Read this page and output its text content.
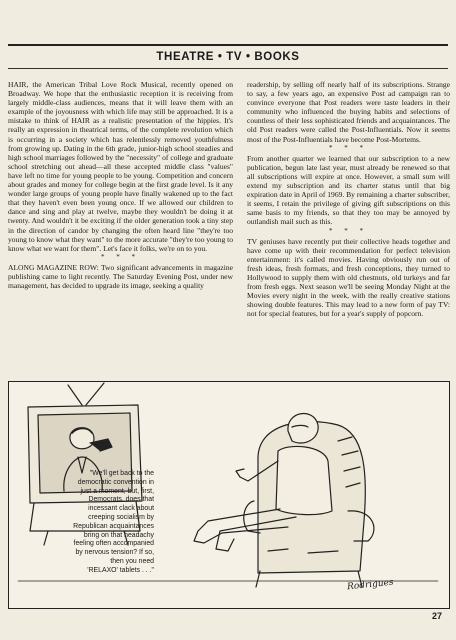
THEATRE • TV • BOOKS

HAIR, the American Tribal Love Rock Musical, recently opened on Broadway. We hope that the enthusiastic reception it is receiving from largely middle-class audiences, means that it will leave them with an example of the joyousness with which life may still be approached. It is a mistake to think of HAIR as a realistic presentation of the hippies. It's really an expression in theatrical terms, of the complete revolution which is occurring in a society which has relentlessly removed youthfulness from growing up. Dating in the 6th grade, junior-high school steadies and high school marriages followed by the "necessity" of college and graduate school stretching out ahead—all these accepted middle class "values" have left no time for young people to be young. Competition and concern about grades and money for college begin at the first grade level. Is it any wonder large groups of young people have finally wakened up to the fact that they haven't even been young once. If we allowed our children to dance and sing and play at twelve, maybe they wouldn't be doing it at twenty. And wouldn't it be exciting if the older generation took a tiny step in the direction of candor by changing the often heard line "they're too young to know what they want" to the more accurate "they're too young to know what we want for them". Let's face it folks, we're on to you.

* * *

ALONG MAGAZINE ROW: Two significant advancements in magazine publishing came to light recently. The Saturday Evening Post, under new management, has decided to upgrade its image, seeking a quality

readership, by selling off nearly half of its subscriptions. Strange to say, a few years ago, an expensive Post ad campaign ran to convince everyone that Post readers were taste leaders in their community who influenced the buying habits and selections of countless of their less sophisticated friends and acquaintances. The old Post readers were called the Post-Influentials. Now it seems most of the Post-Influentials have become Post-Mortems.

* * *

From another quarter we learned that our subscription to a new publication, begun late last year, must already be renewed so that all subscriptions will expire at once. However, a small sum will extend my subscription and its charter status until that big expiration date in April of 1969. By remaining a charter subscriber, it seems, I retain the privilege of giving gift subscriptions on this same basis to my friends, so that they too may be annoyed by outlandish mail such as this.

* * *

TV geniuses have recently put their collective heads together and have come up with their recommendation for perfect television entertainment: it's called movies. Having obviously run out of fresh ideas, fresh formats, and fresh conceptions, they turned to Hollywood to supply them with old chestnuts, old turkeys and far from fresh eggs. Next season we'll be seeing Monday Night at the Movies every night in the week, with the really creative stations showing double features. This may lead to a new form of pay TV: not for special features, but for a year's supply of popcorn.

"We'll get back to the

democratic convention in

just a moment, but, first,

Democrats, does that

incessant clack about

creeping socialism by

Republican acquaintances

bring on that headachy

feeling often accompanied

by nervous tension? If so,

then you need

'RELAXO' tablets . . ."

Rodrigues
27
